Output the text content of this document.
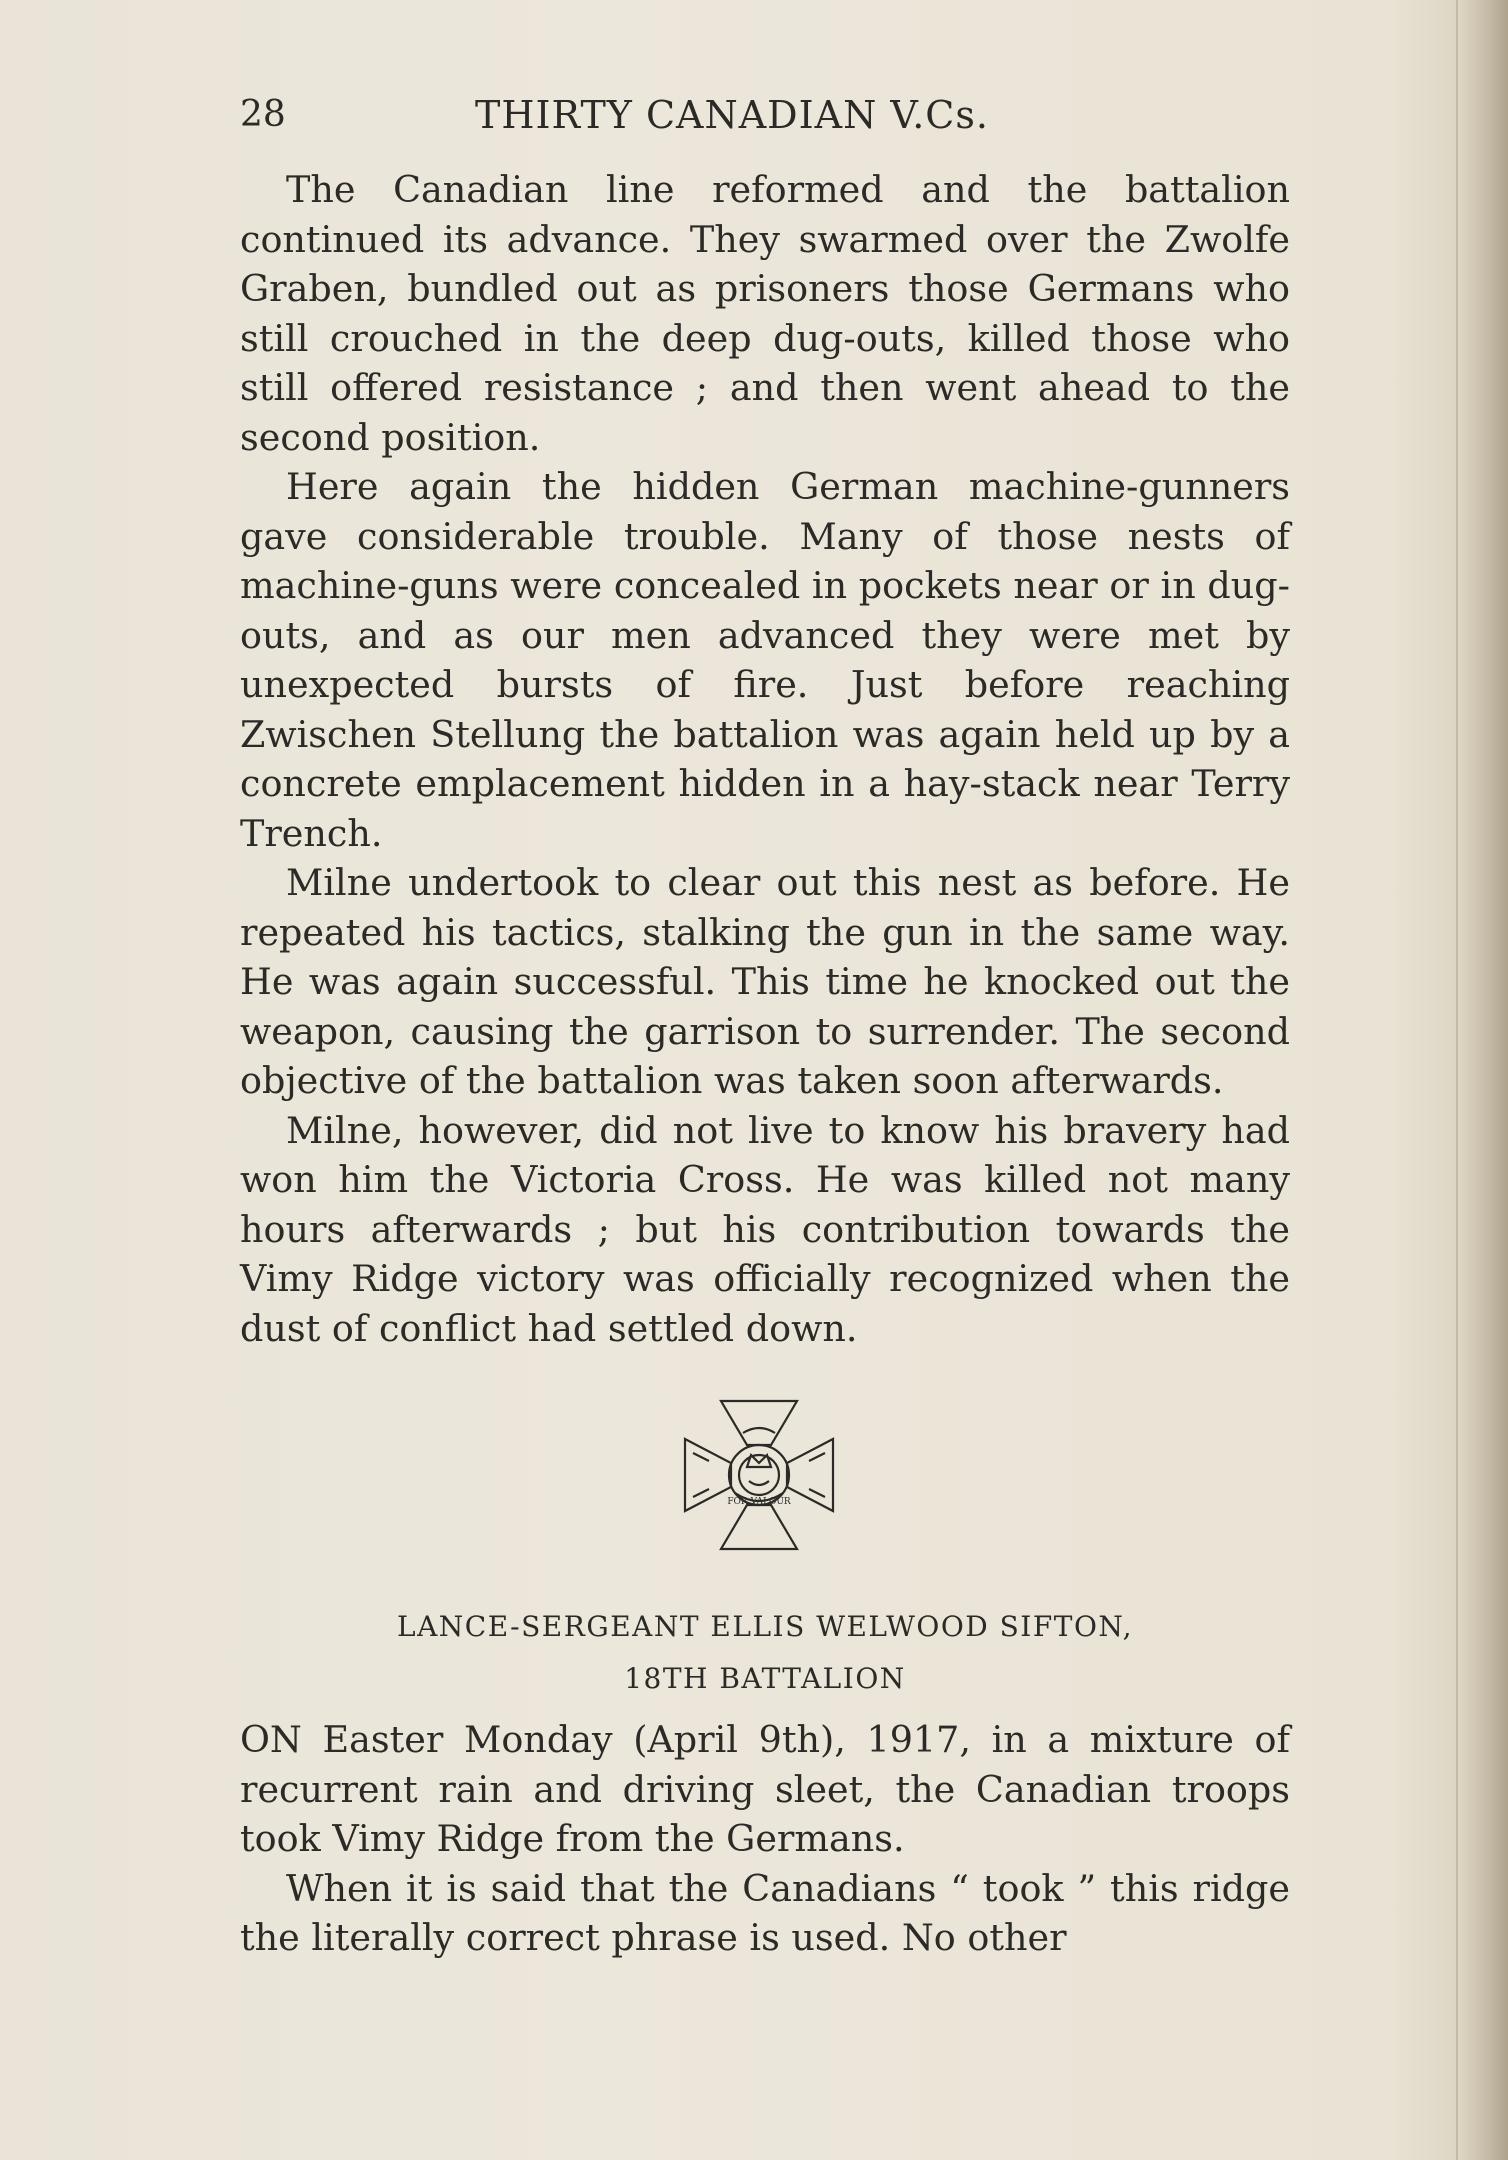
28	THIRTY CANADIAN V.Cs.

The Canadian line reformed and the battalion continued its advance. They swarmed over the Zwolfe Graben, bundled out as prisoners those Germans who still crouched in the deep dug-outs, killed those who still offered resistance ; and then went ahead to the second position.

Here again the hidden German machine-gunners gave considerable trouble. Many of those nests of machine-guns were concealed in pockets near or in dug-outs, and as our men advanced they were met by unexpected bursts of fire. Just before reaching Zwischen Stellung the battalion was again held up by a concrete emplacement hidden in a hay-stack near Terry Trench.

Milne undertook to clear out this nest as before. He repeated his tactics, stalking the gun in the same way. He was again successful. This time he knocked out the weapon, causing the garrison to surrender. The second objective of the battalion was taken soon afterwards.

Milne, however, did not live to know his bravery had won him the Victoria Cross. He was killed not many hours afterwards ; but his contribution towards the Vimy Ridge victory was officially recognized when the dust of conflict had settled down.

FOR VALOUR
LANCE-SERGEANT ELLIS WELWOOD SIFTON,
18TH BATTALION

ON Easter Monday (April 9th), 1917, in a mixture of recurrent rain and driving sleet, the Canadian troops took Vimy Ridge from the Germans.

When it is said that the Canadians “ took ” this ridge the literally correct phrase is used. No other
